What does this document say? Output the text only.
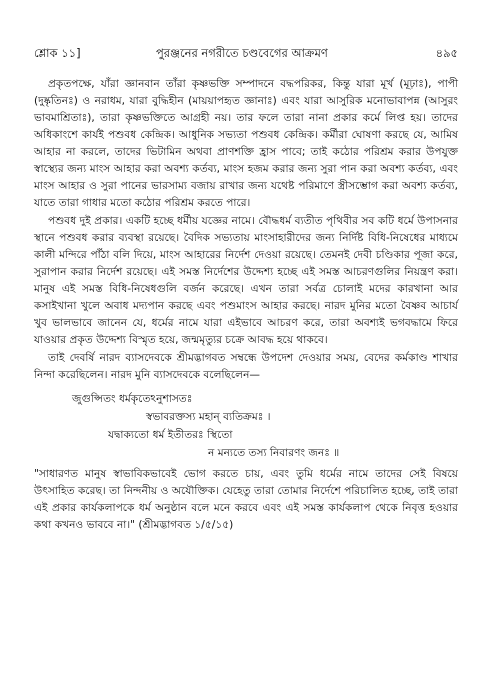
শ্লোক ১১]	পুরঞ্জনের নগরীতে চণ্ডবেগের আক্রমণ	৪৯৫

প্রকৃতপক্ষে, যাঁরা জ্ঞানবান তাঁরা কৃষ্ণভক্তি সম্পাদনে বদ্ধপরিকর, কিন্তু যারা মূর্খ (মূঢ়াঃ), পাপী (দুষ্কৃতিনঃ) ও নরাধম, যারা বুদ্ধিহীন (মায়য়াপহৃত জ্ঞানাঃ) এবং যারা আসুরিক মনোভাবাপন্ন (আসুরং ভাবমাশ্রিতাঃ), তারা কৃষ্ণভক্তিতে আগ্রহী নয়। তার ফলে তারা নানা প্রকার কর্মে লিপ্ত হয়। তাদের অধিকাংশে কার্যই পশুবধ কেন্দ্রিক। আধুনিক সভ্যতা পশুবধ কেন্দ্রিক। কর্মীরা ঘোষণা করছে যে, আমিষ আহার না করলে, তাদের ভিটামিন অথবা প্রাণশক্তি হ্রাস পাবে; তাই কঠোর পরিশ্রম করার উপযুক্ত স্বাস্থ্যের জন্য মাংস আহার করা অবশ্য কর্তব্য, মাংস হজম করার জন্য সুরা পান করা অবশ্য কর্তব্য, এবং মাংস আহার ও সুরা পানের ভারসাম্য বজায় রাখার জন্য যথেষ্ট পরিমাণে স্ত্রীসম্ভোগ করা অবশ্য কর্তব্য, যাতে তারা গাধার মতো কঠোর পরিশ্রম করতে পারে।

পশুবধ দুই প্রকার। একটি হচ্ছে ধর্মীয় যজ্ঞের নামে। বৌদ্ধধর্ম ব্যতীত পৃথিবীর সব কটি ধর্মে উপাসনার স্থানে পশুবধ করার ব্যবস্থা রয়েছে। বৈদিক সভ্যতায় মাংসাহারীদের জন্য নির্দিষ্ট বিধি-নিষেধের মাধ্যমে কালী মন্দিরে পাঁঠা বলি দিয়ে, মাংস আহারের নির্দেশ দেওয়া রয়েছে। তেমনই দেবী চণ্ডিকার পূজা করে, সুরাপান করার নির্দেশ রয়েছে। এই সমস্ত নির্দেশের উদ্দেশ্য হচ্ছে এই সমস্ত আচরণগুলির নিয়ন্ত্রণ করা। মানুষ এই সমস্ত বিধি-নিষেধগুলি বর্জন করেছে। এখন তারা সর্বত্র চোলাই মদের কারখানা আর কসাইখানা খুলে অবাধ মদ্যপান করছে এবং পশুমাংস আহার করছে। নারদ মুনির মতো বৈষ্ণব আচার্য খুব ভালভাবে জানেন যে, ধর্মের নামে যারা এইভাবে আচরণ করে, তারা অবশ্যই ভগবদ্ধামে ফিরে যাওয়ার প্রকৃত উদ্দেশ্য বিস্মৃত হয়ে, জন্মমৃত্যুর চক্রে আবদ্ধ হয়ে থাকবে।

তাই দেবর্ষি নারদ ব্যাসদেবকে শ্রীমদ্ভাগবত সম্বন্ধে উপদেশ দেওয়ার সময়, বেদের কর্মকাণ্ড শাখার নিন্দা করেছিলেন। নারদ মুনি ব্যাসদেবকে বলেছিলেন—

জুগুপ্সিতং ধর্মকৃতেঽনুশাসতঃ
স্বভাবরক্তস্য মহান্ ব্যতিক্রমঃ ।
যদ্বাক্যতো ধর্ম ইতীতরঃ স্থিতো
ন মন্যতে তস্য নিবারণং জনঃ ॥

"সাধারণত মানুষ স্বাভাবিকভাবেই ভোগ করতে চায়, এবং তুমি ধর্মের নামে তাদের সেই বিষয়ে উৎসাহিত করেছ। তা নিন্দনীয় ও অযৌক্তিক। যেহেতু তারা তোমার নির্দেশে পরিচালিত হচ্ছে, তাই তারা এই প্রকার কার্যকলাপকে ধর্ম অনুষ্ঠান বলে মনে করবে এবং এই সমস্ত কার্যকলাপ থেকে নিবৃত্ত হওয়ার কথা কখনও ভাববে না।" (শ্রীমদ্ভাগবত ১/৫/১৫)
